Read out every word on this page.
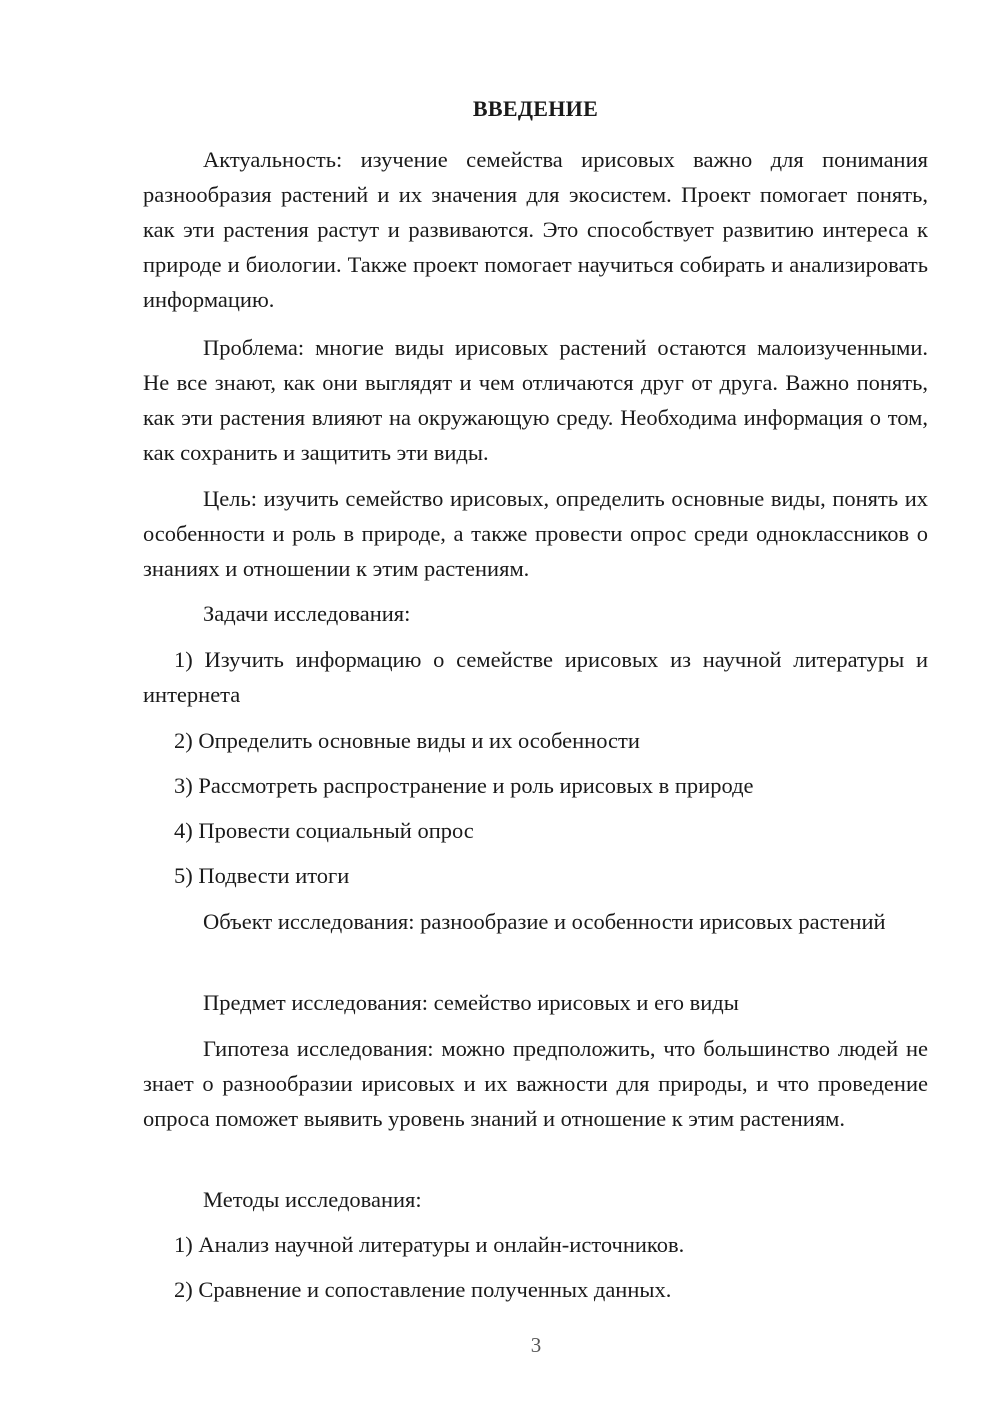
ВВЕДЕНИЕ

Актуальность: изучение семейства ирисовых важно для понимания разнообразия растений и их значения для экосистем. Проект помогает понять, как эти растения растут и развиваются. Это способствует развитию интереса к природе и биологии. Также проект помогает научиться собирать и анализировать информацию.

Проблема: многие виды ирисовых растений остаются малоизученными. Не все знают, как они выглядят и чем отличаются друг от друга. Важно понять, как эти растения влияют на окружающую среду. Необходима информация о том, как сохранить и защитить эти виды.

Цель: изучить семейство ирисовых, определить основные виды, понять их особенности и роль в природе, а также провести опрос среди одноклассников о знаниях и отношении к этим растениям.

Задачи исследования:

1) Изучить информацию о семействе ирисовых из научной литературы и интернета

2) Определить основные виды и их особенности

3) Рассмотреть распространение и роль ирисовых в природе

4) Провести социальный опрос

5) Подвести итоги

Объект исследования: разнообразие и особенности ирисовых растений

Предмет исследования: семейство ирисовых и его виды

Гипотеза исследования: можно предположить, что большинство людей не знает о разнообразии ирисовых и их важности для природы, и что проведение опроса поможет выявить уровень знаний и отношение к этим растениям.

Методы исследования:

1) Анализ научной литературы и онлайн-источников.

2) Сравнение и сопоставление полученных данных.

3
